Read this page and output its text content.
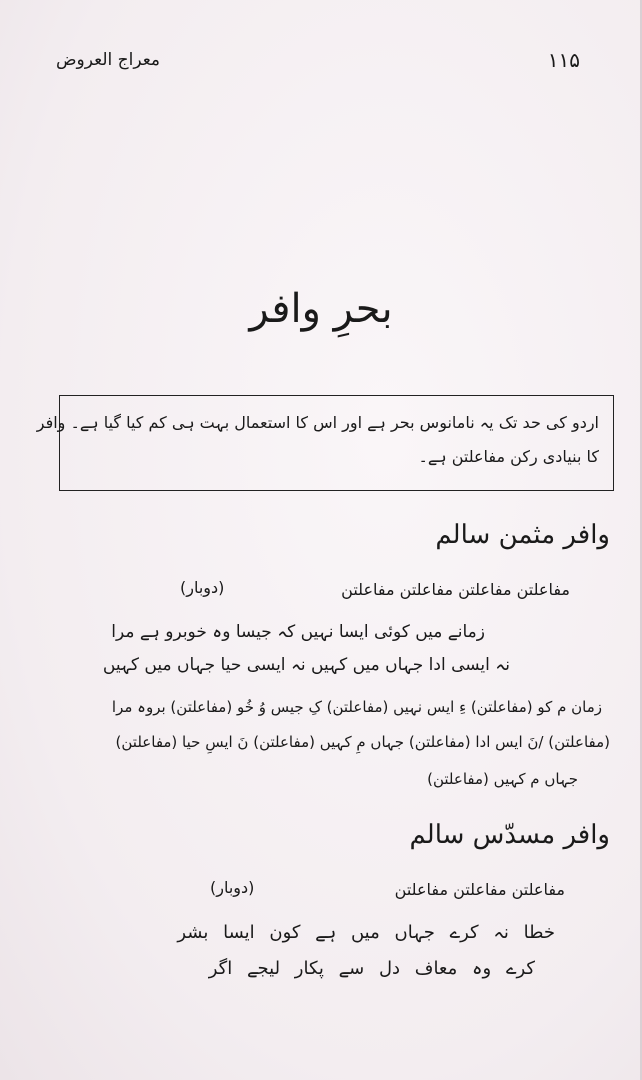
معراج العروض	۱۱۵
بحرِ وافر
اردو کی حد تک یہ نامانوس بحر ہے اور اس کا استعمال بہت ہی کم کیا گیا ہے۔ وافر
کا بنیادی رکن مفاعلتن ہے۔
وافر مثمن سالم
مفاعلتن مفاعلتن مفاعلتن مفاعلتن
(دوبار)
زمانے میں کوئی ایسا نہیں کہ جیسا وہ خوبرو ہے مرا
نہ ایسی ادا جہاں میں کہیں نہ ایسی حیا جہاں میں کہیں
زمان م کو (مفاعلتن) ءِ ایس نہیں (مفاعلتن) کِ جیس وُ خُو (مفاعلتن) بروہ مرا
(مفاعلتن) /نَ ایس ادا (مفاعلتن) جہاں مِ کہیں (مفاعلتن) نَ ایسِ حیا (مفاعلتن)
جہاں م کہیں (مفاعلتن)
وافر مسدّس سالم
مفاعلتن مفاعلتن مفاعلتن
(دوبار)
خطا نہ کرے جہاں میں ہے کون ایسا بشر
کرے وہ معاف دل سے پکار لیجے اگر
